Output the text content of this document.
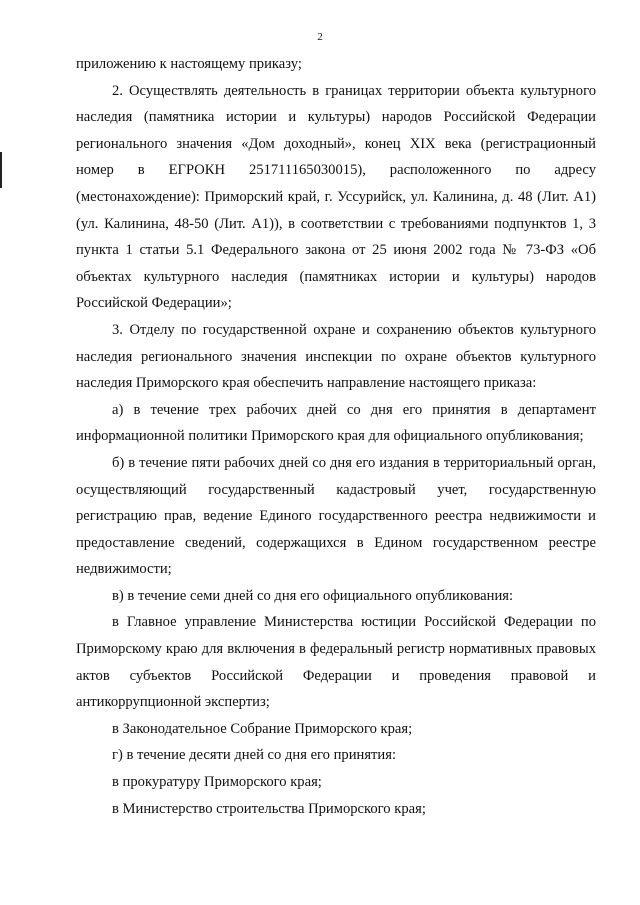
2

приложению к настоящему приказу;

2. Осуществлять деятельность в границах территории объекта культурного наследия (памятника истории и культуры) народов Российской Федерации регионального значения «Дом доходный», конец XIX века (регистрационный номер в ЕГРОКН 251711165030015), расположенного по адресу (местонахождение): Приморский край, г. Уссурийск, ул. Калинина, д. 48 (Лит. А1) (ул. Калинина, 48-50 (Лит. А1)), в соответствии с требованиями подпунктов 1, 3 пункта 1 статьи 5.1 Федерального закона от 25 июня 2002 года № 73-ФЗ «Об объектах культурного наследия (памятниках истории и культуры) народов Российской Федерации»;

3. Отделу по государственной охране и сохранению объектов культурного наследия регионального значения инспекции по охране объектов культурного наследия Приморского края обеспечить направление настоящего приказа:

а) в течение трех рабочих дней со дня его принятия в департамент информационной политики Приморского края для официального опубликования;

б) в течение пяти рабочих дней со дня его издания в территориальный орган, осуществляющий государственный кадастровый учет, государственную регистрацию прав, ведение Единого государственного реестра недвижимости и предоставление сведений, содержащихся в Едином государственном реестре недвижимости;

в) в течение семи дней со дня его официального опубликования:

в Главное управление Министерства юстиции Российской Федерации по Приморскому краю для включения в федеральный регистр нормативных правовых актов субъектов Российской Федерации и проведения правовой и антикоррупционной экспертиз;

в Законодательное Собрание Приморского края;

г) в течение десяти дней со дня его принятия:

в прокуратуру Приморского края;

в Министерство строительства Приморского края;
